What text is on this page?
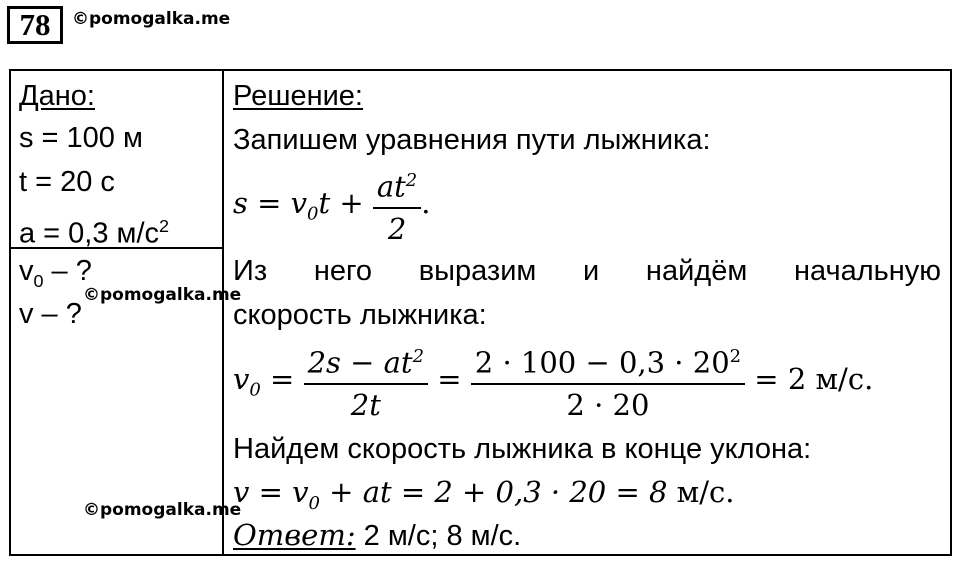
78	©pomogalka.me
Дано:
s = 100 м
t = 20 с
a = 0,3 $м/с^2$
$v_0$ – ?
©pomogalka.me
v – ?
©pomogalka.me
Решение:
Запишем уравнения пути лыжника:
$s = v_0t + \frac{at^2}{2}$ .
Из него выразим и найдём начальную
скорость лыжника:
$v_0 = \frac{2s - at^2}{2t} = \frac{2 \cdot 100 - 0,3 \cdot 20^2}{2 \cdot 20} = 2$ м/с.
Найдем скорость лыжника в конце уклона:
$v = v_0$ + at = 2 + 0,3 · 20 = 8 м/с.
Ответ: 2 м/с; 8 м/с.
